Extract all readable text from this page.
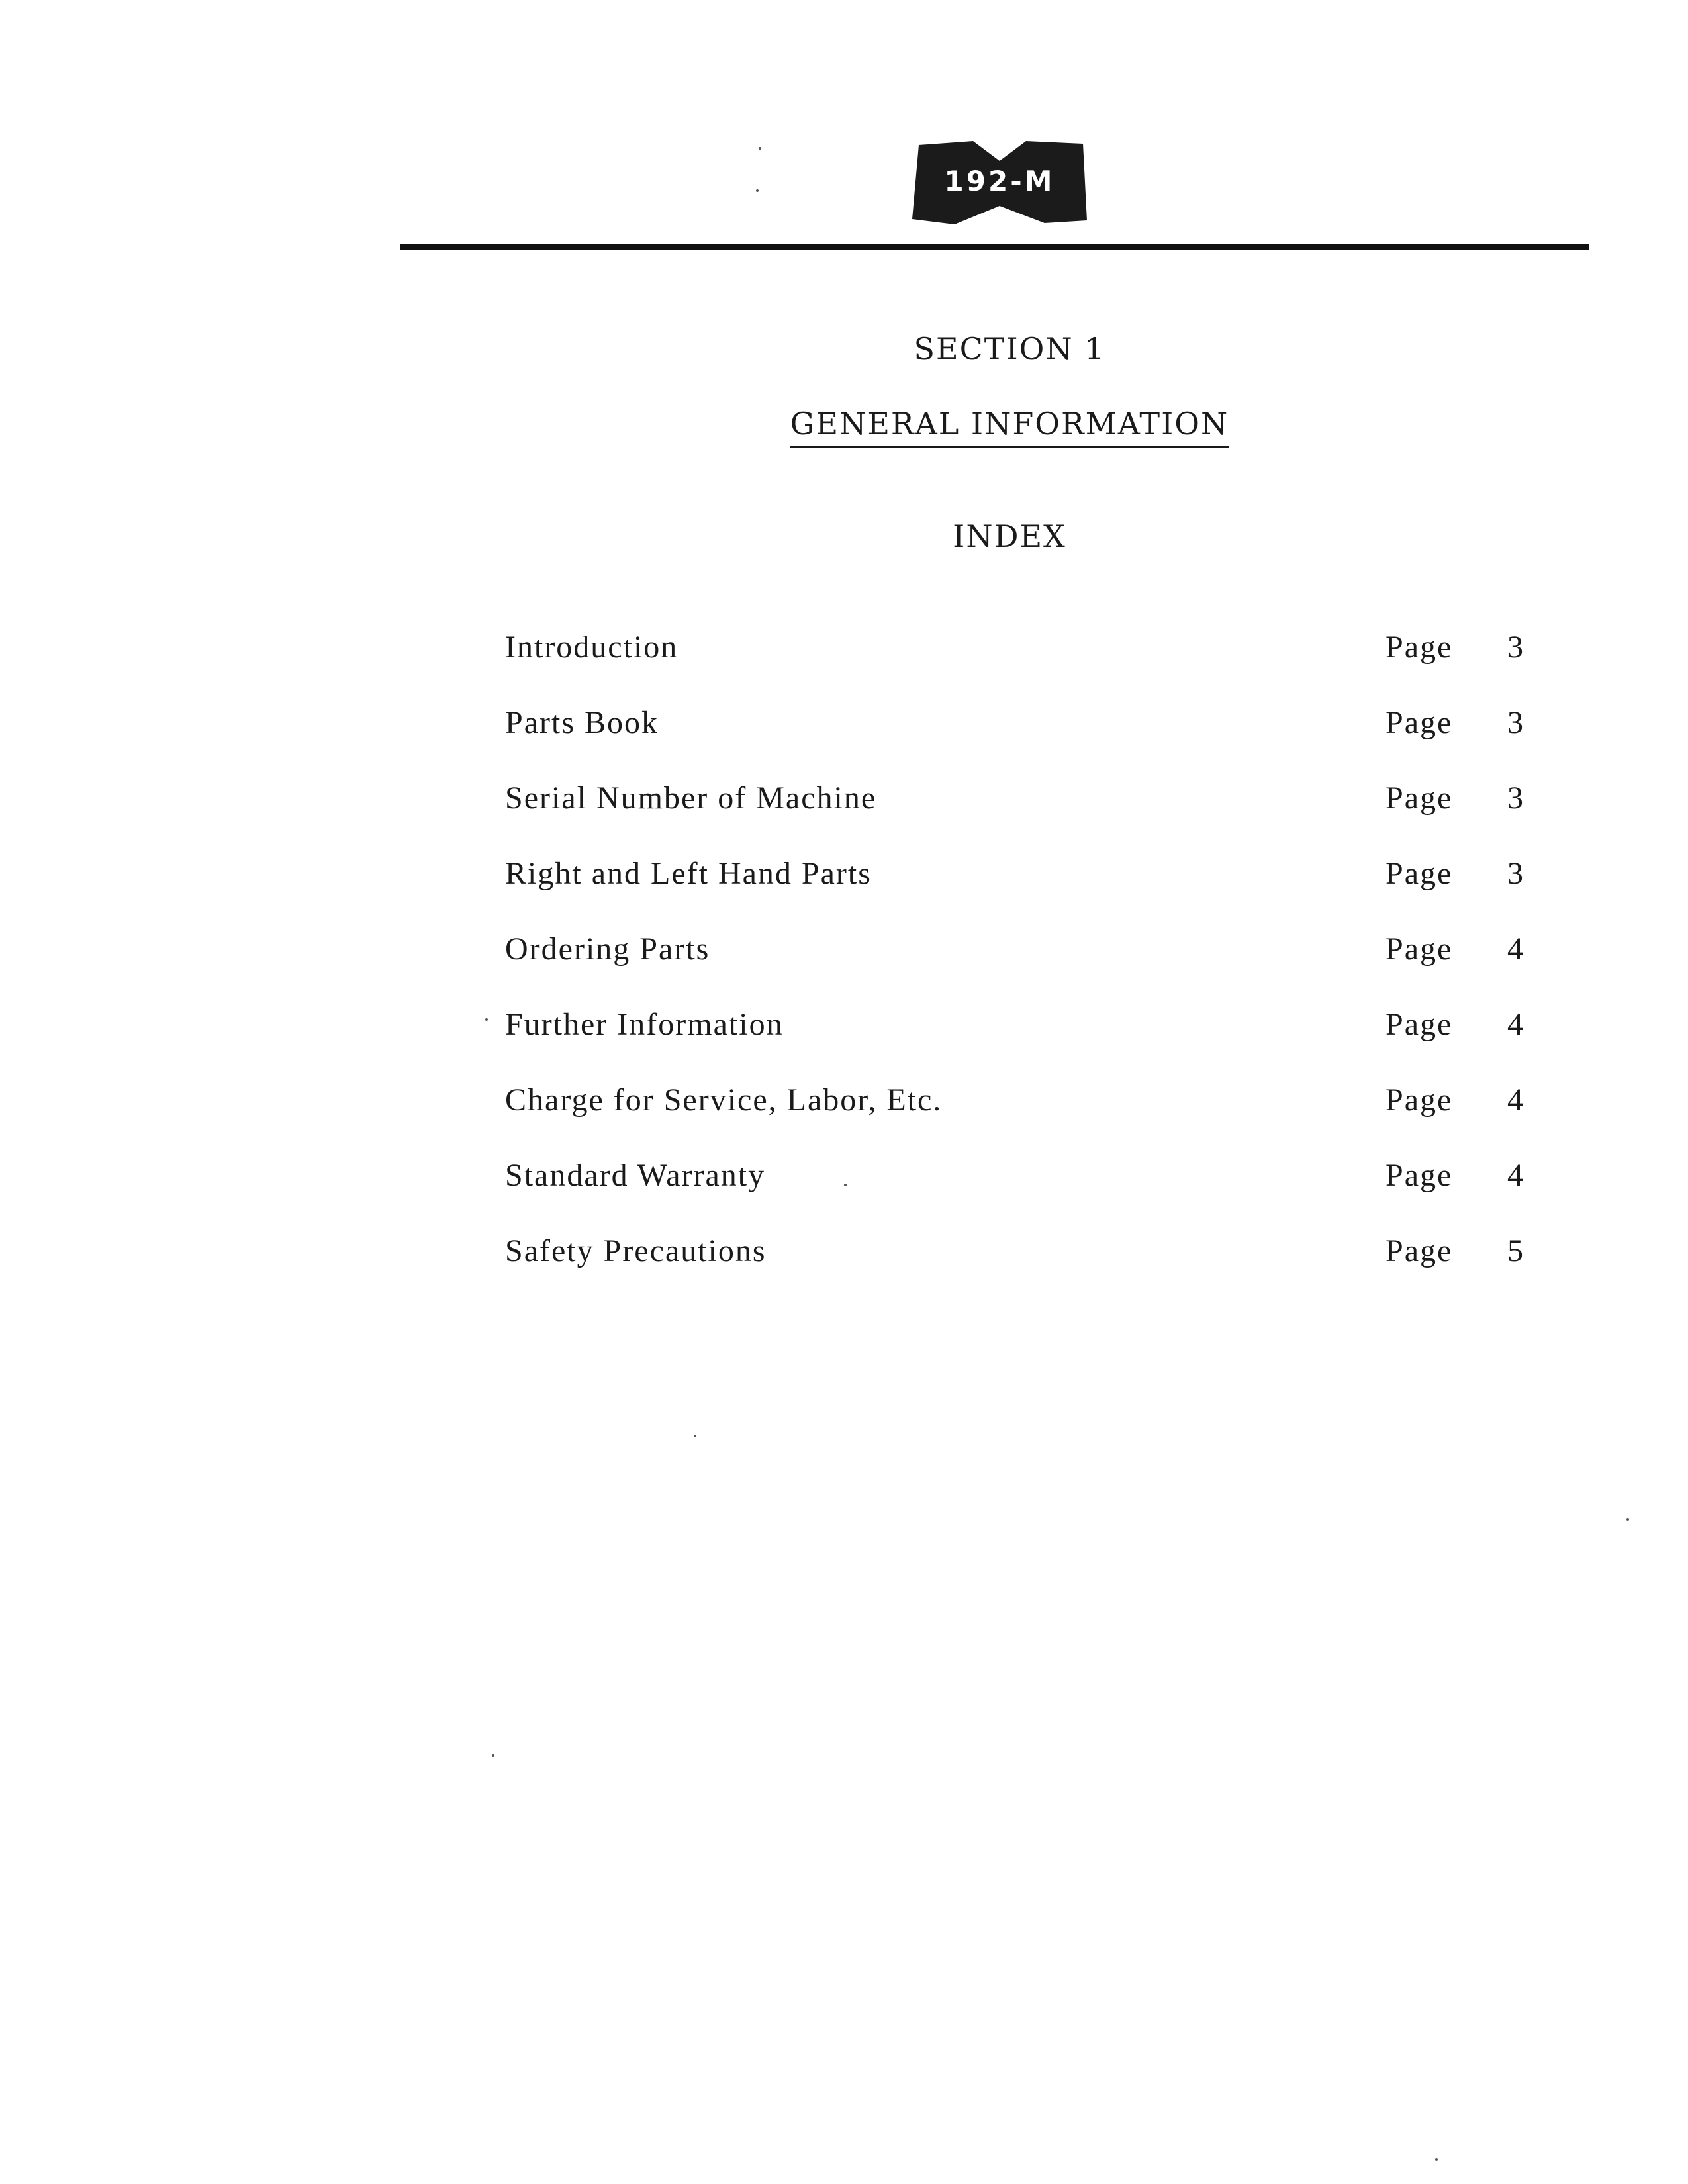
192-M
SECTION 1
GENERAL INFORMATION
INDEX
Introduction	Page 3
Parts Book	Page 3
Serial Number of Machine	Page 3
Right and Left Hand Parts	Page 3
Ordering Parts	Page 4
Further Information	Page 4
Charge for Service, Labor, Etc.	Page 4
Standard Warranty	Page 4
Safety Precautions	Page 5
